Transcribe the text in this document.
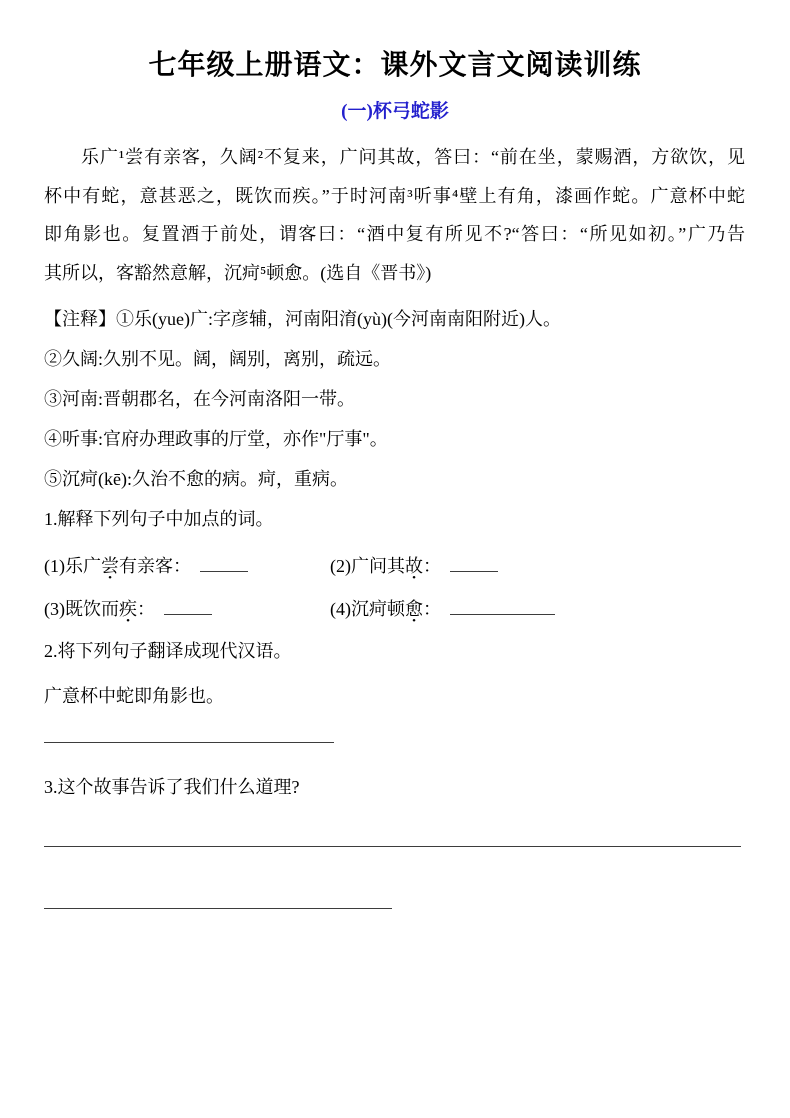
七年级上册语文：课外文言文阅读训练
(一)杯弓蛇影
乐广¹尝有亲客，久阔²不复来，广问其故，答曰：“前在坐，蒙赐酒，方欲饮，见
杯中有蛇，意甚恶之，既饮而疾。”于时河南³听事⁴壁上有角，漆画作蛇。广意杯中蛇
即角影也。复置酒于前处，谓客曰：“酒中复有所见不?“答曰：“所见如初。”广乃告
其所以，客豁然意解，沉疴⁵顿愈。(选自《晋书》)
【注释】①乐(yue)广:字彦辅，河南阳淯(yù)(今河南南阳附近)人。
②久阔:久别不见。阔，阔别，离别，疏远。
③河南:晋朝郡名，在今河南洛阳一带。
④听事:官府办理政事的厅堂，亦作"厅事"。
⑤沉疴(kē):久治不愈的病。疴，重病。
1.解释下列句子中加点的词。
(1)乐广尝有亲客：	(2)广问其故：
(3)既饮而疾：	(4)沉疴顿愈：
2.将下列句子翻译成现代汉语。
广意杯中蛇即角影也。
3.这个故事告诉了我们什么道理?
